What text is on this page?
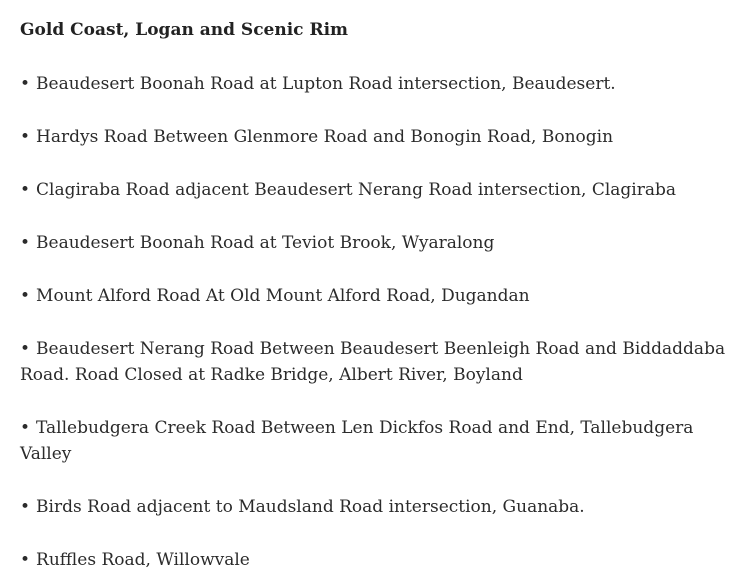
Gold Coast, Logan and Scenic Rim
• Beaudesert Boonah Road at Lupton Road intersection, Beaudesert.
• Hardys Road Between Glenmore Road and Bonogin Road, Bonogin
• Clagiraba Road adjacent Beaudesert Nerang Road intersection, Clagiraba
• Beaudesert Boonah Road at Teviot Brook, Wyaralong
• Mount Alford Road At Old Mount Alford Road, Dugandan
• Beaudesert Nerang Road Between Beaudesert Beenleigh Road and Biddaddaba Road. Road Closed at Radke Bridge, Albert River, Boyland
• Tallebudgera Creek Road Between Len Dickfos Road and End, Tallebudgera Valley
• Birds Road adjacent to Maudsland Road intersection, Guanaba.
• Ruffles Road, Willowvale
